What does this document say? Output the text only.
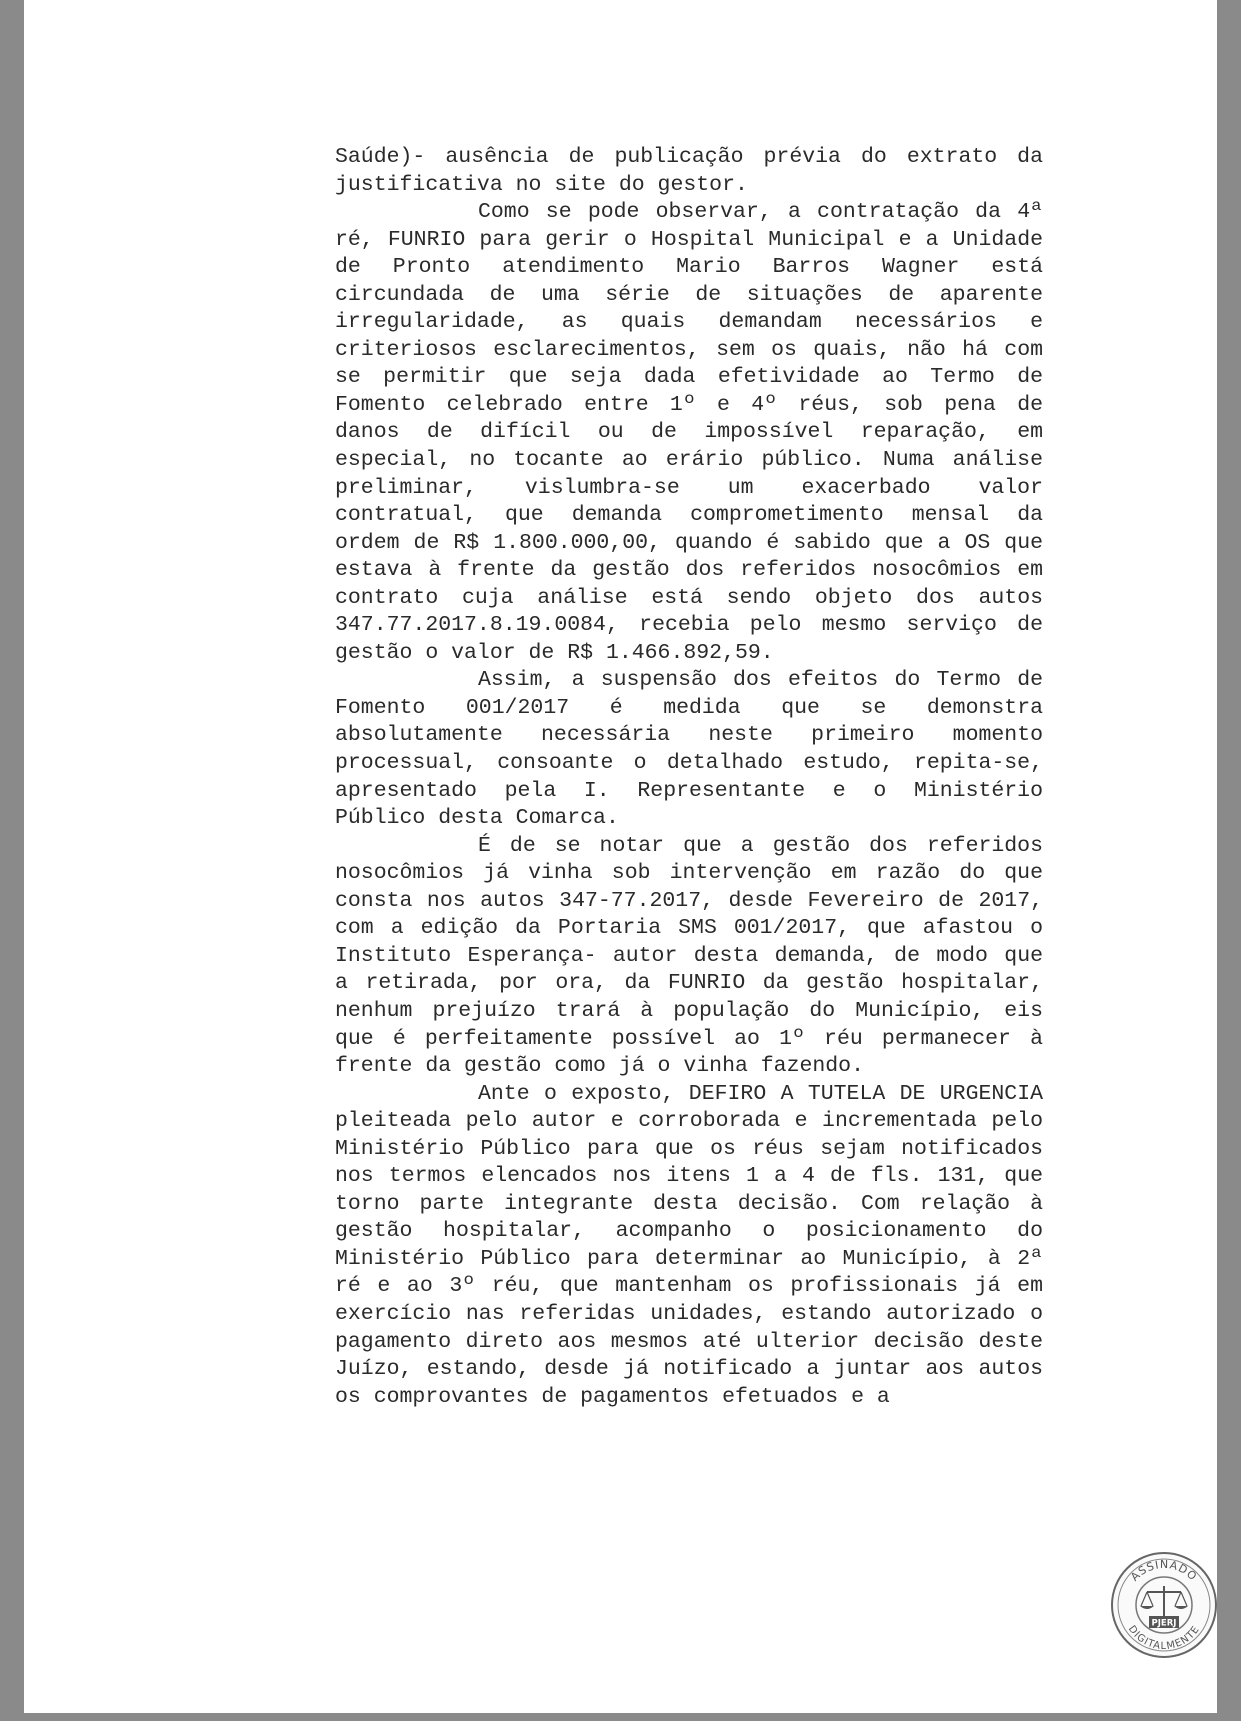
Saúde)- ausência de publicação prévia do extrato da justificativa no site do gestor.

Como se pode observar, a contratação da 4ª ré, FUNRIO para gerir o Hospital Municipal e a Unidade de Pronto atendimento Mario Barros Wagner está circundada de uma série de situações de aparente irregularidade, as quais demandam necessários e criteriosos esclarecimentos, sem os quais, não há com se permitir que seja dada efetividade ao Termo de Fomento celebrado entre 1º e 4º réus, sob pena de danos de difícil ou de impossível reparação, em especial, no tocante ao erário público. Numa análise preliminar, vislumbra-se um exacerbado valor contratual, que demanda comprometimento mensal da ordem de R$ 1.800.000,00, quando é sabido que a OS que estava à frente da gestão dos referidos nosocômios em contrato cuja análise está sendo objeto dos autos 347.77.2017.8.19.0084, recebia pelo mesmo serviço de gestão o valor de R$ 1.466.892,59.

Assim, a suspensão dos efeitos do Termo de Fomento 001/2017 é medida que se demonstra absolutamente necessária neste primeiro momento processual, consoante o detalhado estudo, repita-se, apresentado pela I. Representante e o Ministério Público desta Comarca.

É de se notar que a gestão dos referidos nosocômios já vinha sob intervenção em razão do que consta nos autos 347-77.2017, desde Fevereiro de 2017, com a edição da Portaria SMS 001/2017, que afastou o Instituto Esperança- autor desta demanda, de modo que a retirada, por ora, da FUNRIO da gestão hospitalar, nenhum prejuízo trará à população do Município, eis que é perfeitamente possível ao 1º réu permanecer à frente da gestão como já o vinha fazendo.

Ante o exposto, DEFIRO A TUTELA DE URGENCIA pleiteada pelo autor e corroborada e incrementada pelo Ministério Público para que os réus sejam notificados nos termos elencados nos itens 1 a 4 de fls. 131, que torno parte integrante desta decisão. Com relação à gestão hospitalar, acompanho o posicionamento do Ministério Público para determinar ao Município, à 2ª ré e ao 3º réu, que mantenham os profissionais já em exercício nas referidas unidades, estando autorizado o pagamento direto aos mesmos até ulterior decisão deste Juízo, estando, desde já notificado a juntar aos autos os comprovantes de pagamentos efetuados e a

ASSINADO
DIGITALMENTE
PJERJ
